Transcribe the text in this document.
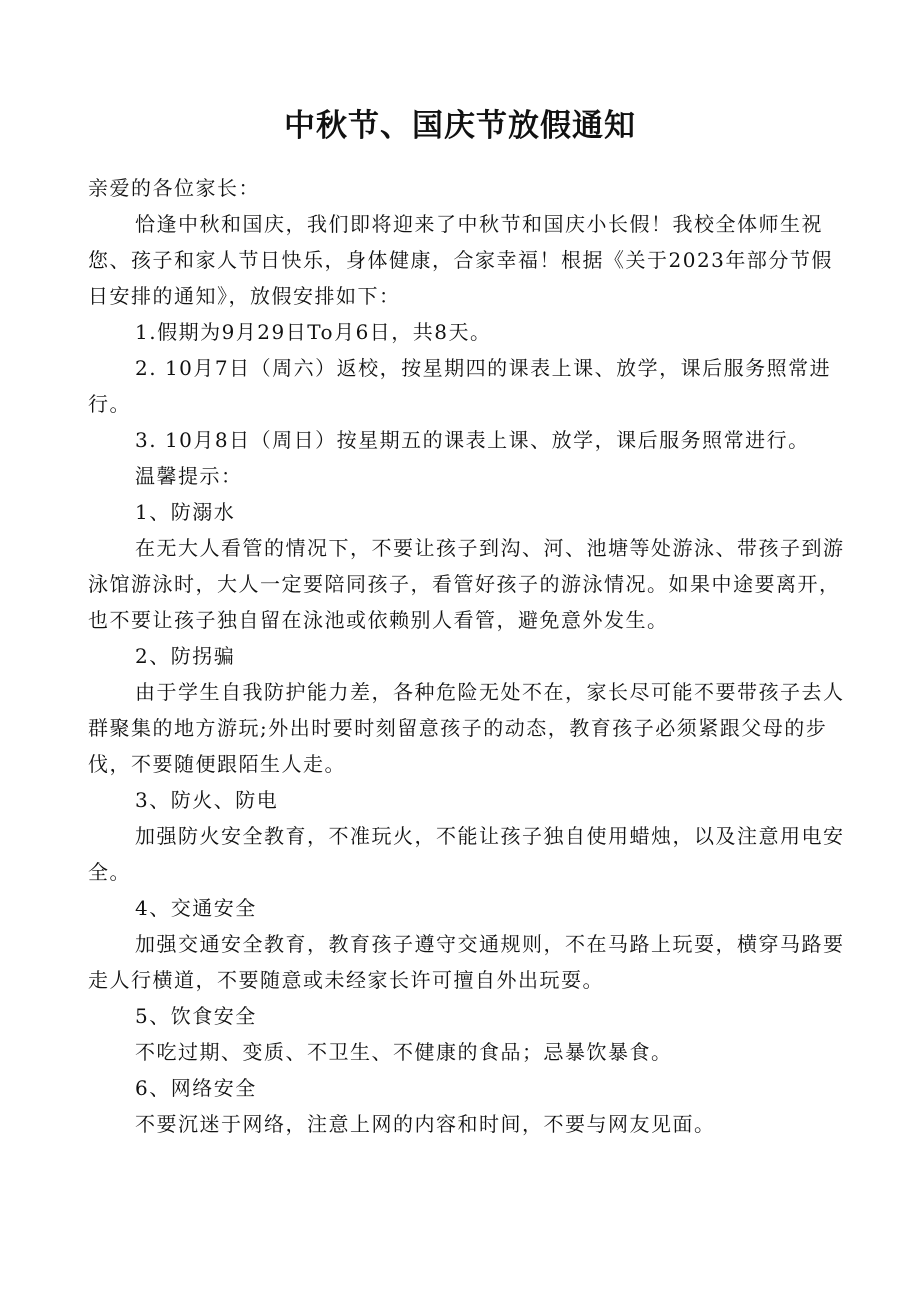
中秋节、国庆节放假通知

亲爱的各位家长：

恰逢中秋和国庆，我们即将迎来了中秋节和国庆小长假！我校全体师生祝您、孩子和家人节日快乐，身体健康，合家幸福！根据《关于2023年部分节假日安排的通知》，放假安排如下：

1.假期为9月29日To月6日，共8天。

2. 10月7日（周六）返校，按星期四的课表上课、放学，课后服务照常进行。

3. 10月8日（周日）按星期五的课表上课、放学，课后服务照常进行。

温馨提示：

1、防溺水

在无大人看管的情况下，不要让孩子到沟、河、池塘等处游泳、带孩子到游泳馆游泳时，大人一定要陪同孩子，看管好孩子的游泳情况。如果中途要离开，也不要让孩子独自留在泳池或依赖别人看管，避免意外发生。

2、防拐骗

由于学生自我防护能力差，各种危险无处不在，家长尽可能不要带孩子去人群聚集的地方游玩;外出时要时刻留意孩子的动态，教育孩子必须紧跟父母的步伐，不要随便跟陌生人走。

3、防火、防电

加强防火安全教育，不准玩火，不能让孩子独自使用蜡烛，以及注意用电安全。

4、交通安全

加强交通安全教育，教育孩子遵守交通规则，不在马路上玩耍，横穿马路要走人行横道，不要随意或未经家长许可擅自外出玩耍。

5、饮食安全

不吃过期、变质、不卫生、不健康的食品；忌暴饮暴食。

6、网络安全

不要沉迷于网络，注意上网的内容和时间，不要与网友见面。
